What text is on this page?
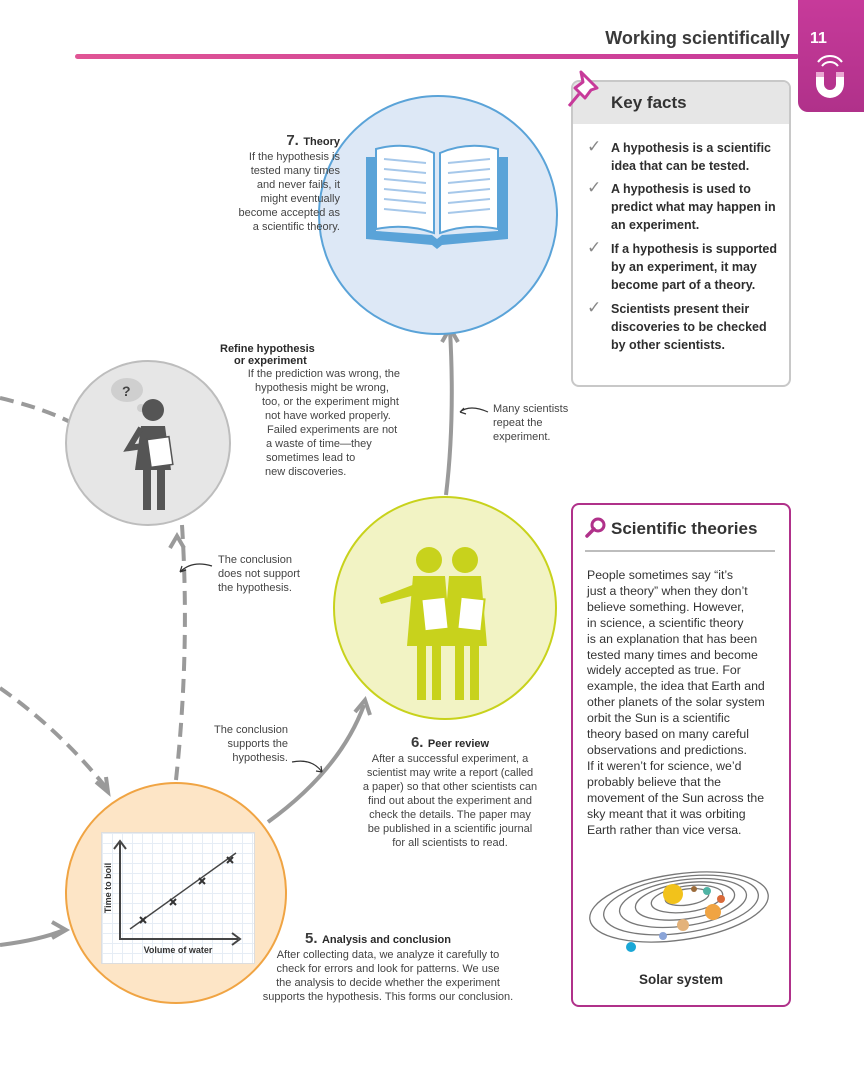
Working scientifically 11
7. Theory
If the hypothesis is
tested many times
and never fails, it
might eventually
become accepted as
a scientific theory.
?
Refine hypothesis
or experiment
If the prediction was wrong, the
hypothesis might be wrong,
too, or the experiment might
not have worked properly.
Failed experiments are not
a waste of time—they
sometimes lead to
new discoveries.
Many scientists
repeat the
experiment.
The conclusion
does not support
the hypothesis.
The conclusion
supports the
hypothesis.
6. Peer review
After a successful experiment, a
scientist may write a report (called
a paper) so that other scientists can
find out about the experiment and
check the details. The paper may
be published in a scientific journal
for all scientists to read.
Volume of water
Time to boil
5. Analysis and conclusion
After collecting data, we analyze it carefully to
check for errors and look for patterns. We use
the analysis to decide whether the experiment
supports the hypothesis. This forms our conclusion.
Key facts
✓ A hypothesis is a scientific
idea that can be tested.
✓ A hypothesis is used to
predict what may happen in
an experiment.
✓ If a hypothesis is supported
by an experiment, it may
become part of a theory.
✓ Scientists present their
discoveries to be checked
by other scientists.
Scientific theories
People sometimes say “it’s
just a theory” when they don’t
believe something. However,
in science, a scientific theory
is an explanation that has been
tested many times and become
widely accepted as true. For
example, the idea that Earth and
other planets of the solar system
orbit the Sun is a scientific
theory based on many careful
observations and predictions.
If it weren’t for science, we’d
probably believe that the
movement of the Sun across the
sky meant that it was orbiting
Earth rather than vice versa.
Solar system
